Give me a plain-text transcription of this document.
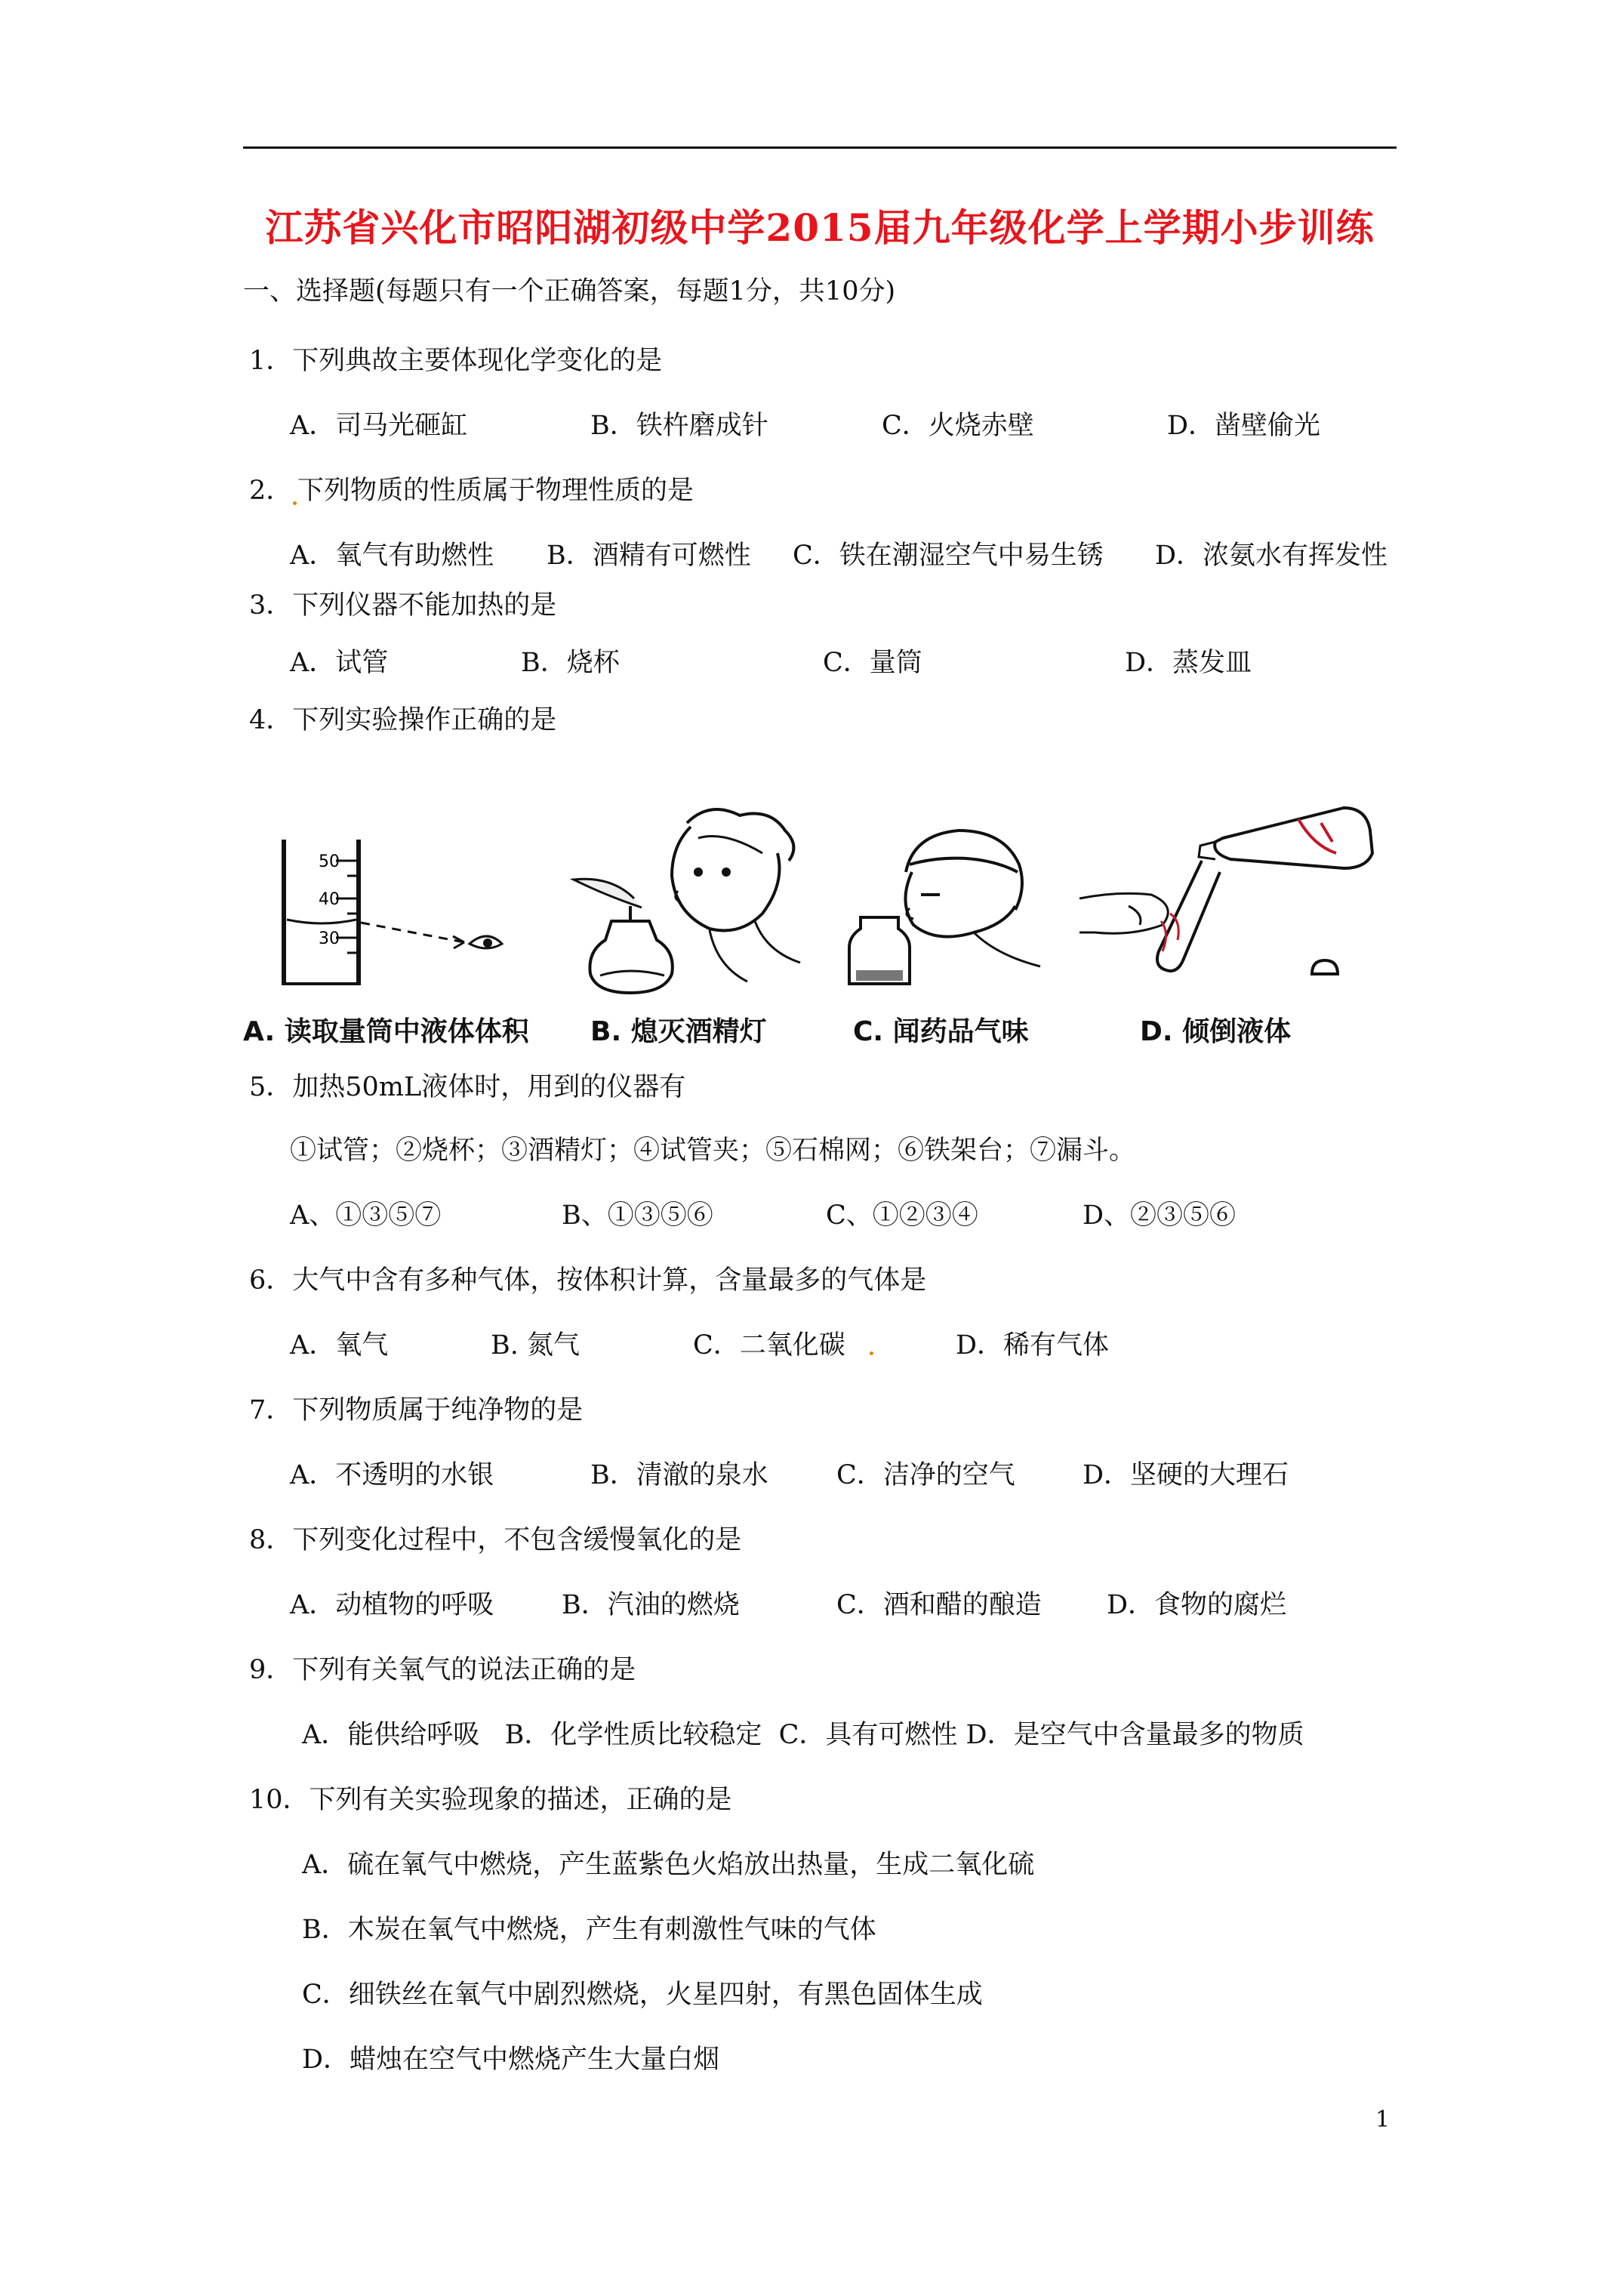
江苏省兴化市昭阳湖初级中学2015届九年级化学上学期小步训练
一、选择题(每题只有一个正确答案，每题1分，共10分)
1．下列典故主要体现化学变化的是
A．司马光砸缸	B．铁杵磨成针	C．火烧赤壁	D．凿壁偷光
2． 下列物质的性质属于物理性质的是
A．氧气有助燃性 B．酒精有可燃性 C．铁在潮湿空气中易生锈 D．浓氨水有挥发性
3．下列仪器不能加热的是
A．试管	B．烧杯	C．量筒	D．蒸发皿
4．下列实验操作正确的是
50
40
30
A. 读取量筒中液体体积 B. 熄灭酒精灯	C. 闻药品气味	D. 倾倒液体
5．加热50mL液体时，用到的仪器有
①试管；②烧杯；③酒精灯；④试管夹；⑤石棉网；⑥铁架台；⑦漏斗。
A、①③⑤⑦	B、①③⑤⑥	C、①②③④	D、②③⑤⑥
6．大气中含有多种气体，按体积计算，含量最多的气体是
A．氧气	B. 氮气	C．二氧化碳	D．稀有气体
7．下列物质属于纯净物的是
A．不透明的水银	B．清澈的泉水	C．洁净的空气	D．坚硬的大理石
8．下列变化过程中，不包含缓慢氧化的是
A．动植物的呼吸	B．汽油的燃烧	C．酒和醋的酿造 D．食物的腐烂
9．下列有关氧气的说法正确的是
A．能供给呼吸   B．化学性质比较稳定  C．具有可燃性 D．是空气中含量最多的物质
10．下列有关实验现象的描述，正确的是
A．硫在氧气中燃烧，产生蓝紫色火焰放出热量，生成二氧化硫
B．木炭在氧气中燃烧，产生有刺激性气味的气体
C．细铁丝在氧气中剧烈燃烧，火星四射，有黑色固体生成
D．蜡烛在空气中燃烧产生大量白烟
1
